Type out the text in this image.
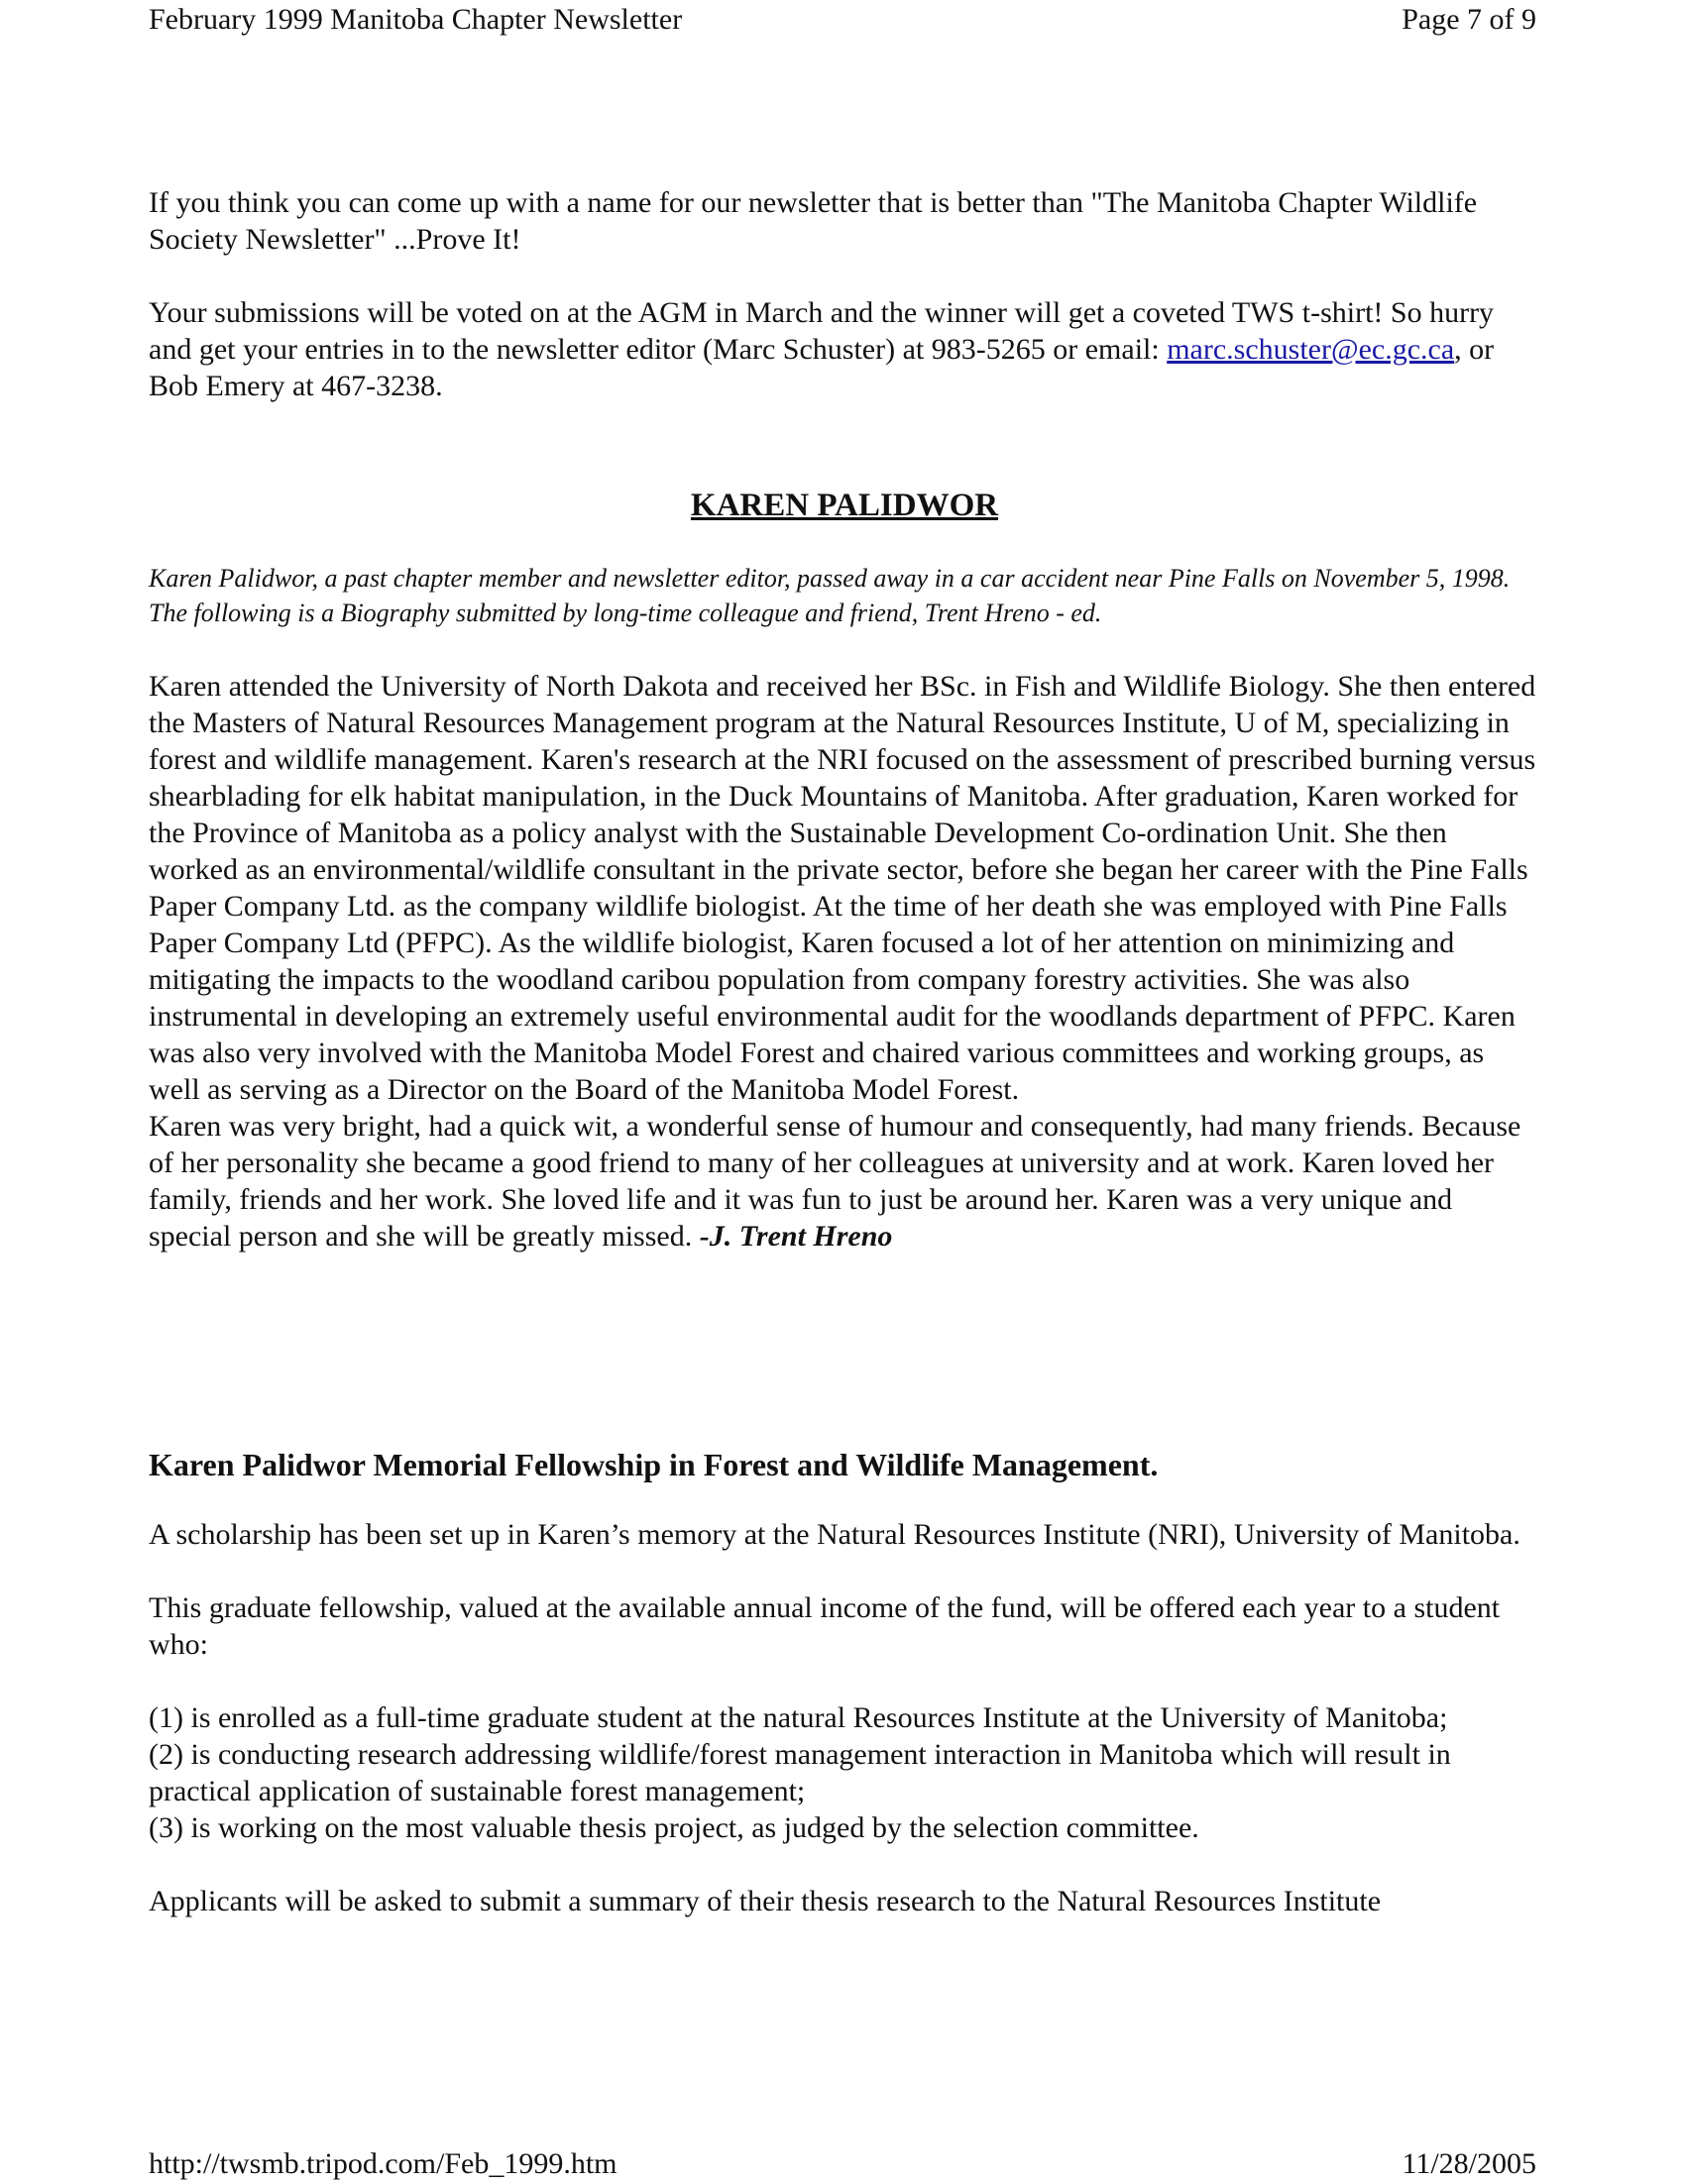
February 1999 Manitoba Chapter Newsletter	Page 7 of 9

If you think you can come up with a name for our newsletter that is better than "The Manitoba Chapter Wildlife Society Newsletter" ...Prove It!

Your submissions will be voted on at the AGM in March and the winner will get a coveted TWS t-shirt! So hurry and get your entries in to the newsletter editor (Marc Schuster) at 983-5265 or email: marc.schuster@ec.gc.ca, or Bob Emery at 467-3238.

KAREN PALIDWOR

Karen Palidwor, a past chapter member and newsletter editor, passed away in a car accident near Pine Falls on November 5, 1998. The following is a Biography submitted by long-time colleague and friend, Trent Hreno - ed.

Karen attended the University of North Dakota and received her BSc. in Fish and Wildlife Biology. She then entered the Masters of Natural Resources Management program at the Natural Resources Institute, U of M, specializing in forest and wildlife management. Karen's research at the NRI focused on the assessment of prescribed burning versus shearblading for elk habitat manipulation, in the Duck Mountains of Manitoba. After graduation, Karen worked for the Province of Manitoba as a policy analyst with the Sustainable Development Co-ordination Unit. She then worked as an environmental/wildlife consultant in the private sector, before she began her career with the Pine Falls Paper Company Ltd. as the company wildlife biologist. At the time of her death she was employed with Pine Falls Paper Company Ltd (PFPC). As the wildlife biologist, Karen focused a lot of her attention on minimizing and mitigating the impacts to the woodland caribou population from company forestry activities. She was also instrumental in developing an extremely useful environmental audit for the woodlands department of PFPC. Karen was also very involved with the Manitoba Model Forest and chaired various committees and working groups, as well as serving as a Director on the Board of the Manitoba Model Forest.

Karen was very bright, had a quick wit, a wonderful sense of humour and consequently, had many friends. Because of her personality she became a good friend to many of her colleagues at university and at work. Karen loved her family, friends and her work. She loved life and it was fun to just be around her. Karen was a very unique and special person and she will be greatly missed. -J. Trent Hreno

Karen Palidwor Memorial Fellowship in Forest and Wildlife Management.

A scholarship has been set up in Karen’s memory at the Natural Resources Institute (NRI), University of Manitoba.

This graduate fellowship, valued at the available annual income of the fund, will be offered each year to a student who:

(1) is enrolled as a full-time graduate student at the natural Resources Institute at the University of Manitoba;

(2) is conducting research addressing wildlife/forest management interaction in Manitoba which will result in practical application of sustainable forest management;

(3) is working on the most valuable thesis project, as judged by the selection committee.

Applicants will be asked to submit a summary of their thesis research to the Natural Resources Institute

http://twsmb.tripod.com/Feb_1999.htm	11/28/2005
